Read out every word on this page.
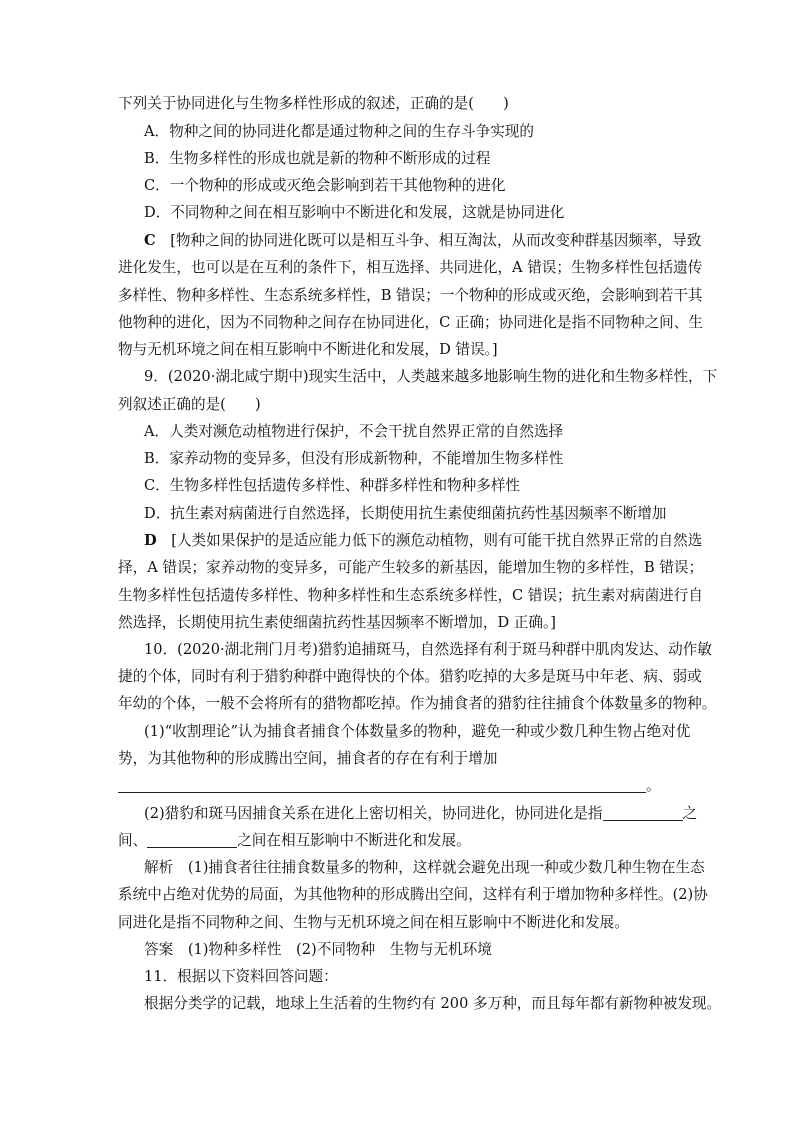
下列关于协同进化与生物多样性形成的叙述，正确的是(　　)
A．物种之间的协同进化都是通过物种之间的生存斗争实现的
B．生物多样性的形成也就是新的物种不断形成的过程
C．一个物种的形成或灭绝会影响到若干其他物种的进化
D．不同物种之间在相互影响中不断进化和发展，这就是协同进化
C　 [物种之间的协同进化既可以是相互斗争、相互淘汰，从而改变种群基因频率，导致
进化发生，也可以是在互利的条件下，相互选择、共同进化，A 错误；生物多样性包括遗传
多样性、物种多样性、生态系统多样性，B 错误；一个物种的形成或灭绝，会影响到若干其
他物种的进化，因为不同物种之间存在协同进化，C 正确；协同进化是指不同物种之间、生
物与无机环境之间在相互影响中不断进化和发展，D 错误。]
9．(2020·湖北咸宁期中)现实生活中，人类越来越多地影响生物的进化和生物多样性，下
列叙述正确的是(　　)
A．人类对濒危动植物进行保护，不会干扰自然界正常的自然选择
B．家养动物的变异多，但没有形成新物种，不能增加生物多样性
C．生物多样性包括遗传多样性、种群多样性和物种多样性
D．抗生素对病菌进行自然选择，长期使用抗生素使细菌抗药性基因频率不断增加
D　 [人类如果保护的是适应能力低下的濒危动植物，则有可能干扰自然界正常的自然选
择，A 错误；家养动物的变异多，可能产生较多的新基因，能增加生物的多样性，B 错误；
生物多样性包括遗传多样性、物种多样性和生态系统多样性，C 错误；抗生素对病菌进行自
然选择，长期使用抗生素使细菌抗药性基因频率不断增加，D 正确。]
10．(2020·湖北荆门月考)猎豹追捕斑马，自然选择有利于斑马种群中肌肉发达、动作敏
捷的个体，同时有利于猎豹种群中跑得快的个体。猎豹吃掉的大多是斑马中年老、病、弱或
年幼的个体，一般不会将所有的猎物都吃掉。作为捕食者的猎豹往往捕食个体数量多的物种。
(1)“收割理论”认为捕食者捕食个体数量多的物种，避免一种或少数几种生物占绝对优
势，为其他物种的形成腾出空间，捕食者的存在有利于增加
。
(2)猎豹和斑马因捕食关系在进化上密切相关，协同进化，协同进化是指	之
间、	之间在相互影响中不断进化和发展。
解析　 (1)捕食者往往捕食数量多的物种，这样就会避免出现一种或少数几种生物在生态
系统中占绝对优势的局面，为其他物种的形成腾出空间，这样有利于增加物种多样性。(2)协
同进化是指不同物种之间、生物与无机环境之间在相互影响中不断进化和发展。
答案　 (1)物种多样性　(2)不同物种　生物与无机环境
11．根据以下资料回答问题：
根据分类学的记载，地球上生活着的生物约有 200 多万种，而且每年都有新物种被发现。
